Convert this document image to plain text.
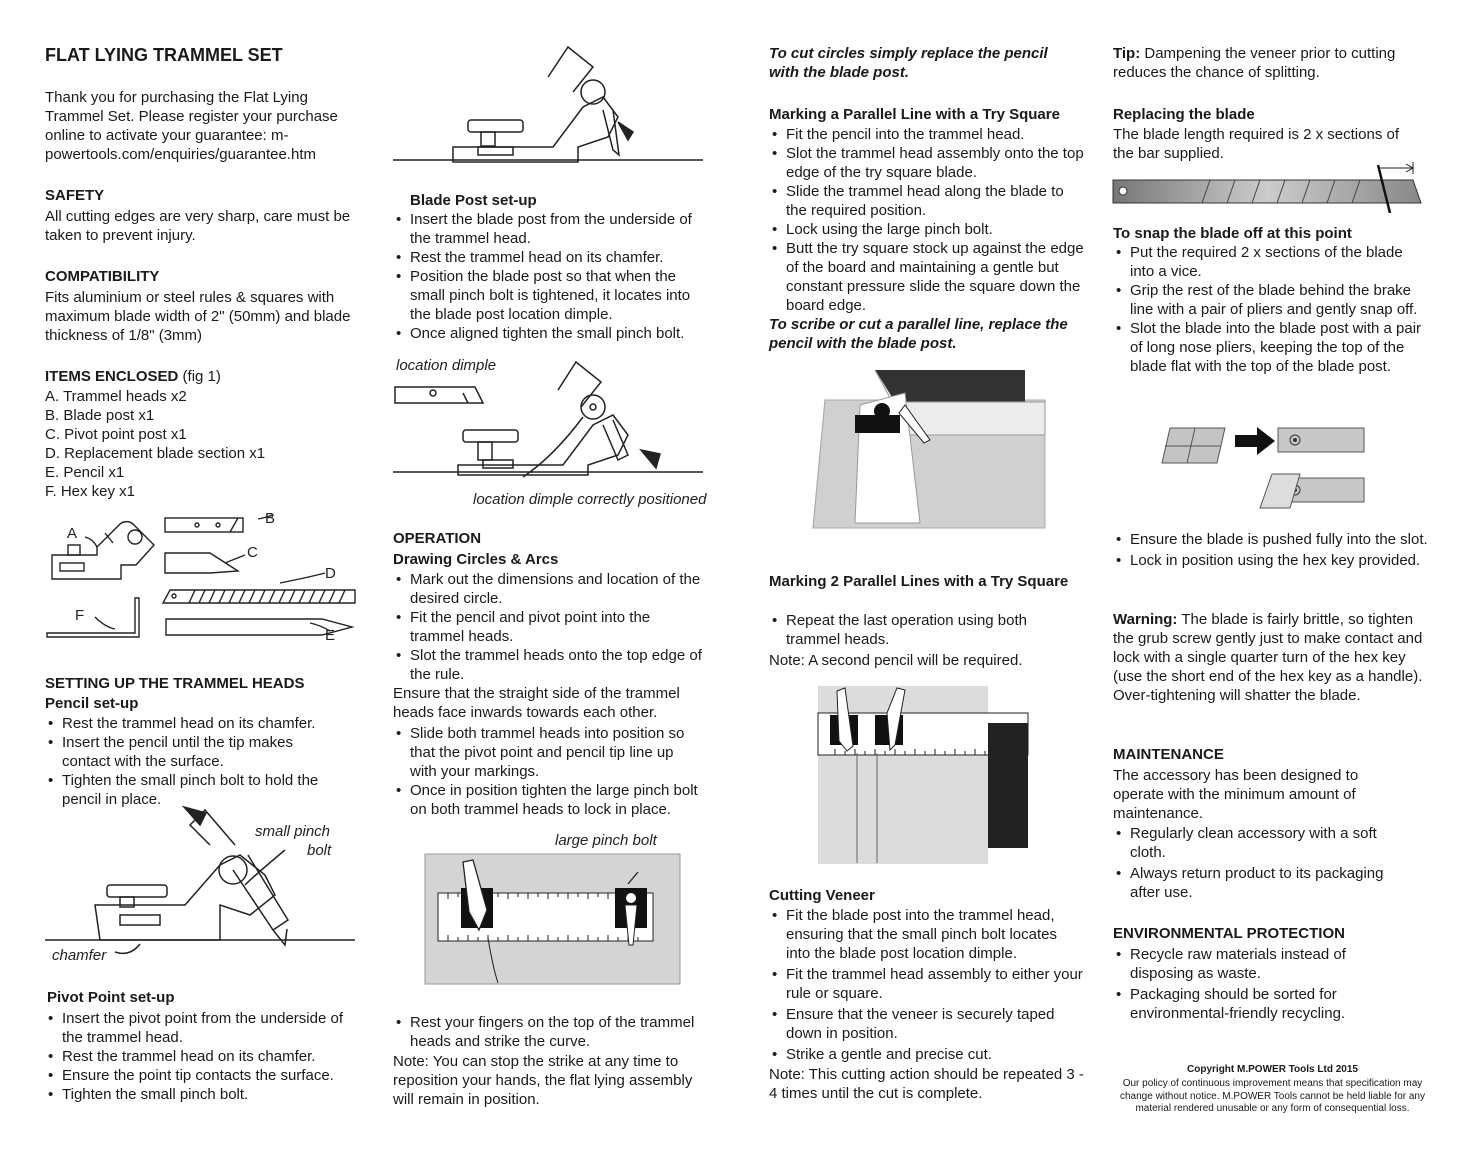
FLAT LYING TRAMMEL SET

Thank you for purchasing the Flat Lying Trammel Set. Please register your purchase online to activate your guarantee: m-powertools.com/enquiries/guarantee.htm

SAFETY

All cutting edges are very sharp, care must be taken to prevent injury.

COMPATIBILITY

Fits aluminium or steel rules & squares with maximum blade width of 2" (50mm) and blade thickness of 1/8" (3mm)

ITEMS ENCLOSED (fig 1)

A. Trammel heads x2
B. Blade post x1
C. Pivot point post x1
D. Replacement blade section x1
E. Pencil x1
F. Hex key x1
A
B
C
D
F
E

SETTING UP THE TRAMMEL HEADS

Pencil set-up

• Rest the trammel head on its chamfer.
• Insert the pencil until the tip makes contact with the surface.
• Tighten the small pinch bolt to hold the pencil in place.
small pinch
bolt
chamfer

Pivot Point set-up

• Insert the pivot point from the underside of the trammel head.
• Rest the trammel head on its chamfer.
• Ensure the point tip contacts the surface.
• Tighten the small pinch bolt.

Blade Post set-up

• Insert the blade post from the underside of the trammel head.
• Rest the trammel head on its chamfer.
• Position the blade post so that when the small pinch bolt is tightened, it locates into the blade post location dimple.
• Once aligned tighten the small pinch bolt.
location dimple
location dimple correctly positioned

OPERATION

Drawing Circles & Arcs

• Mark out the dimensions and location of the desired circle.
• Fit the pencil and pivot point into the trammel heads.
• Slot the trammel heads onto the top edge of the rule.

Ensure that the straight side of the trammel heads face inwards towards each other.

• Slide both trammel heads into position so that the pivot point and pencil tip line up with your markings.
• Once in position tighten the large pinch bolt on both trammel heads to lock in place.
large pinch bolt
• Rest your fingers on the top of the trammel heads and strike the curve.

Note: You can stop the strike at any time to reposition your hands, the flat lying assembly will remain in position.

To cut circles simply replace the pencil with the blade post.

Marking a Parallel Line with a Try Square

• Fit the pencil into the trammel head.
• Slot the trammel head assembly onto the top edge of the try square blade.
• Slide the trammel head along the blade to the required position.
• Lock using the large pinch bolt.
• Butt the try square stock up against the edge of the board and maintaining a gentle but constant pressure slide the square down the board edge.

To scribe or cut a parallel line, replace the pencil with the blade post.

Marking 2 Parallel Lines with a Try Square

• Repeat the last operation using both trammel heads.

Note: A second pencil will be required.

Cutting Veneer

• Fit the blade post into the trammel head, ensuring that the small pinch bolt locates into the blade post location dimple.
• Fit the trammel head assembly to either your rule or square.
• Ensure that the veneer is securely taped down in position.
• Strike a gentle and precise cut.

Note: This cutting action should be repeated 3 - 4 times until the cut is complete.

Tip: Dampening the veneer prior to cutting reduces the chance of splitting.

Replacing the blade

The blade length required is 2 x sections of the bar supplied.

To snap the blade off at this point

• Put the required 2 x sections of the blade into a vice.
• Grip the rest of the blade behind the brake line with a pair of pliers and gently snap off.
• Slot the blade into the blade post with a pair of long nose pliers, keeping the top of the blade flat with the top of the blade post.
• Ensure the blade is pushed fully into the slot.
• Lock in position using the hex key provided.

Warning: The blade is fairly brittle, so tighten the grub screw gently just to make contact and lock with a single quarter turn of the hex key (use the short end of the hex key as a handle). Over-tightening will shatter the blade.

MAINTENANCE

The accessory has been designed to operate with the minimum amount of maintenance.

• Regularly clean accessory with a soft cloth.
• Always return product to its packaging after use.

ENVIRONMENTAL PROTECTION

• Recycle raw materials instead of disposing as waste.
• Packaging should be sorted for environmental-friendly recycling.

Copyright M.POWER Tools Ltd 2015

Our policy of continuous improvement means that specification may change without notice. M.POWER Tools cannot be held liable for any material rendered unusable or any form of consequential loss.
